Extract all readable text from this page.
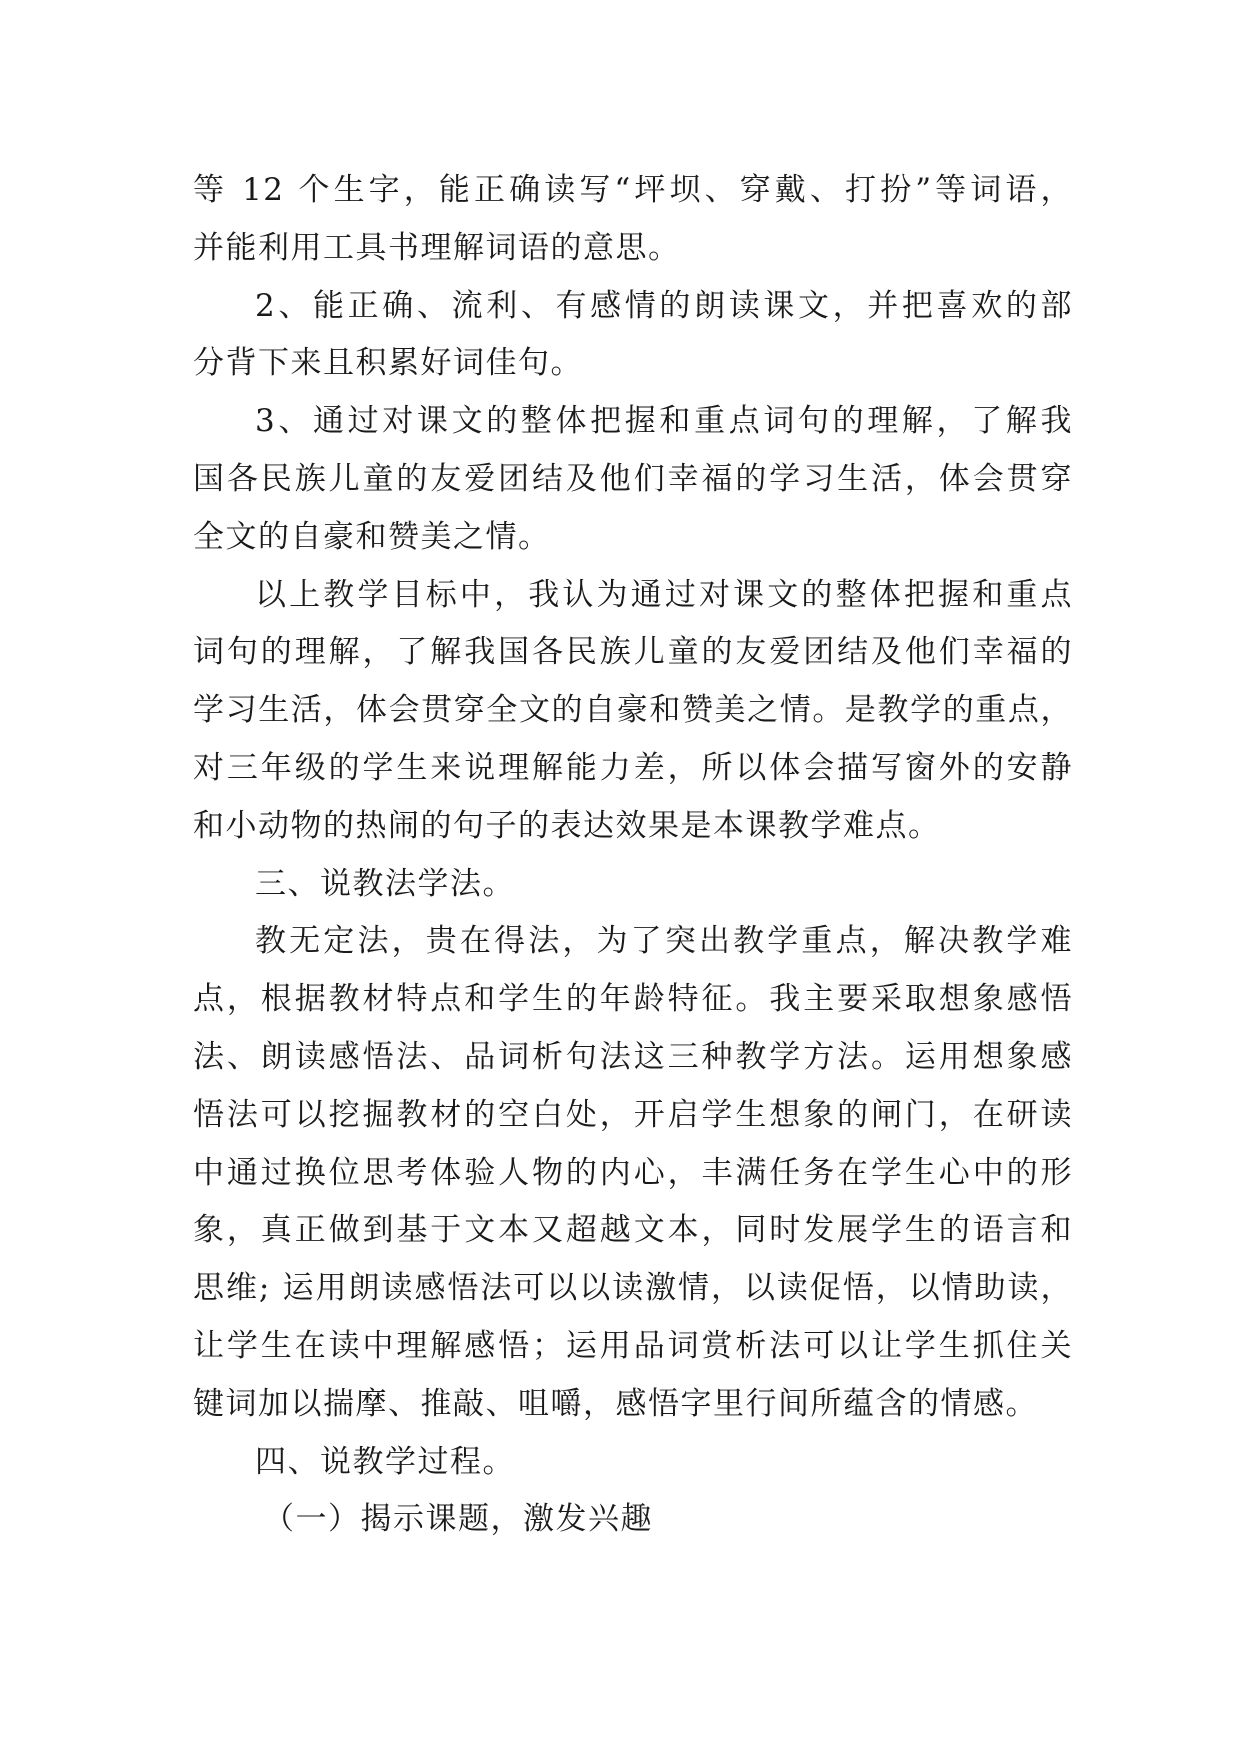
等 12 个生字，能正确读写“坪坝、穿戴、打扮”等词语，
并能利用工具书理解词语的意思。

2、能正确、流利、有感情的朗读课文，并把喜欢的部
分背下来且积累好词佳句。

3、通过对课文的整体把握和重点词句的理解，了解我
国各民族儿童的友爱团结及他们幸福的学习生活，体会贯穿
全文的自豪和赞美之情。

以上教学目标中，我认为通过对课文的整体把握和重点
词句的理解，了解我国各民族儿童的友爱团结及他们幸福的
学习生活，体会贯穿全文的自豪和赞美之情。是教学的重点，
对三年级的学生来说理解能力差，所以体会描写窗外的安静
和小动物的热闹的句子的表达效果是本课教学难点。

三、说教法学法。

教无定法，贵在得法，为了突出教学重点，解决教学难
点，根据教材特点和学生的年龄特征。我主要采取想象感悟
法、朗读感悟法、品词析句法这三种教学方法。运用想象感
悟法可以挖掘教材的空白处，开启学生想象的闸门，在研读
中通过换位思考体验人物的内心，丰满任务在学生心中的形
象，真正做到基于文本又超越文本，同时发展学生的语言和
思维; 运用朗读感悟法可以以读激情，以读促悟，以情助读，
让学生在读中理解感悟；运用品词赏析法可以让学生抓住关
键词加以揣摩、推敲、咀嚼，感悟字里行间所蕴含的情感。

四、说教学过程。

（一）揭示课题，激发兴趣
